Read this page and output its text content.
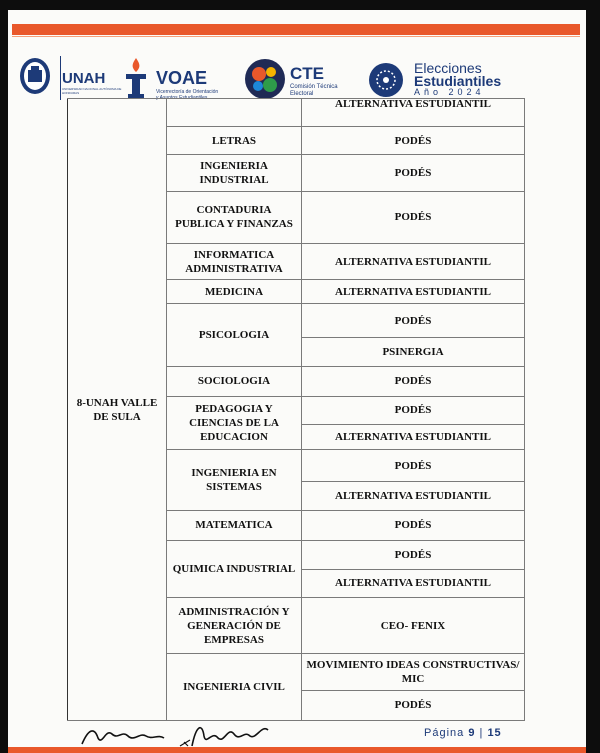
UNAH
UNIVERSIDAD NACIONAL AUTÓNOMA DE HONDURAS
VOAE
Vicerrectoría de Orientación
y Asuntos Estudiantiles
CTE
Comisión Técnica
Electoral
Elecciones
Estudiantiles
Año 2024
8-UNAH VALLE DE SULA		ALTERNATIVA ESTUDIANTIL
	LETRAS	PODÉS
	INGENIERIA INDUSTRIAL	PODÉS
	CONTADURIA PUBLICA Y FINANZAS	PODÉS
	INFORMATICA ADMINISTRATIVA	ALTERNATIVA ESTUDIANTIL
	MEDICINA	ALTERNATIVA ESTUDIANTIL
	PSICOLOGIA	PODÉS
		PSINERGIA
	SOCIOLOGIA	PODÉS
	PEDAGOGIA Y CIENCIAS DE LA EDUCACION	PODÉS
		ALTERNATIVA ESTUDIANTIL
	INGENIERIA EN SISTEMAS	PODÉS
		ALTERNATIVA ESTUDIANTIL
	MATEMATICA	PODÉS
	QUIMICA INDUSTRIAL	PODÉS
		ALTERNATIVA ESTUDIANTIL
	ADMINISTRACIÓN Y GENERACIÓN DE EMPRESAS	CEO- FENIX
	INGENIERIA CIVIL	MOVIMIENTO IDEAS CONSTRUCTIVAS/ MIC
		PODÉS
Página 9 | 15
